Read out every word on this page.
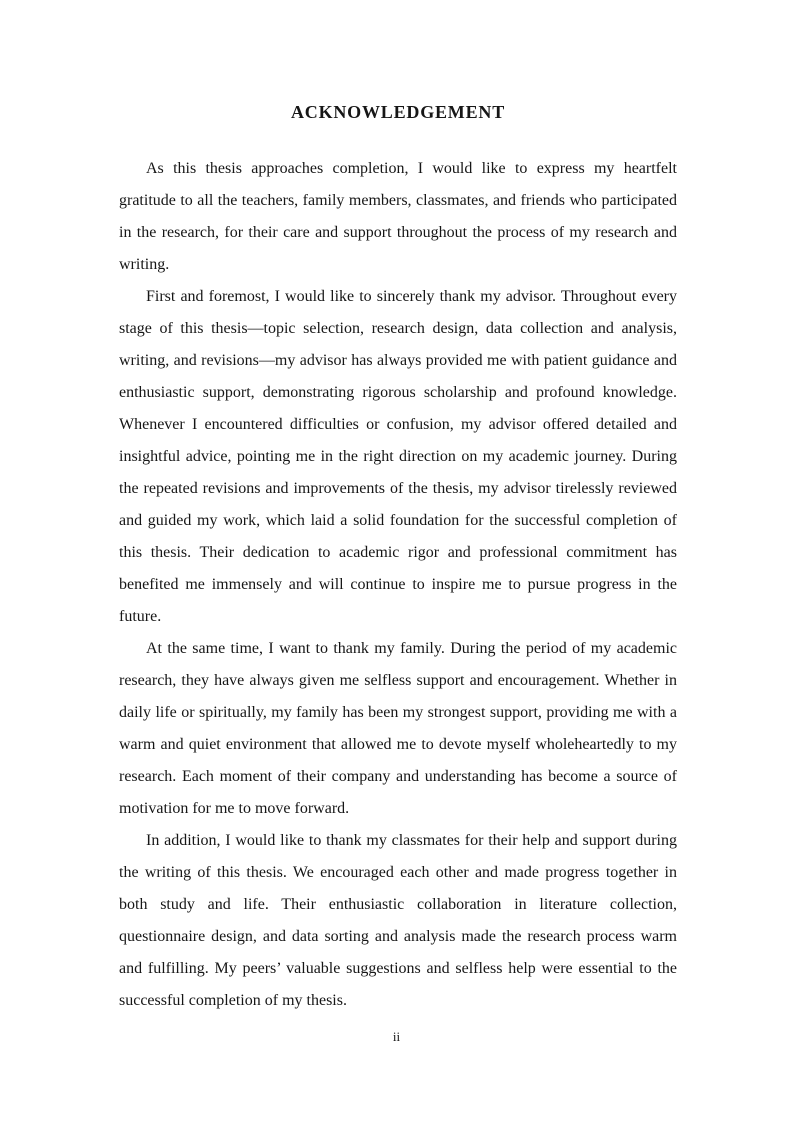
ACKNOWLEDGEMENT

As this thesis approaches completion, I would like to express my heartfelt gratitude to all the teachers, family members, classmates, and friends who participated in the research, for their care and support throughout the process of my research and writing.

First and foremost, I would like to sincerely thank my advisor. Throughout every stage of this thesis—topic selection, research design, data collection and analysis, writing, and revisions—my advisor has always provided me with patient guidance and enthusiastic support, demonstrating rigorous scholarship and profound knowledge. Whenever I encountered difficulties or confusion, my advisor offered detailed and insightful advice, pointing me in the right direction on my academic journey. During the repeated revisions and improvements of the thesis, my advisor tirelessly reviewed and guided my work, which laid a solid foundation for the successful completion of this thesis. Their dedication to academic rigor and professional commitment has benefited me immensely and will continue to inspire me to pursue progress in the future.

At the same time, I want to thank my family. During the period of my academic research, they have always given me selfless support and encouragement. Whether in daily life or spiritually, my family has been my strongest support, providing me with a warm and quiet environment that allowed me to devote myself wholeheartedly to my research. Each moment of their company and understanding has become a source of motivation for me to move forward.

In addition, I would like to thank my classmates for their help and support during the writing of this thesis. We encouraged each other and made progress together in both study and life. Their enthusiastic collaboration in literature collection, questionnaire design, and data sorting and analysis made the research process warm and fulfilling. My peers’ valuable suggestions and selfless help were essential to the successful completion of my thesis.

ii
